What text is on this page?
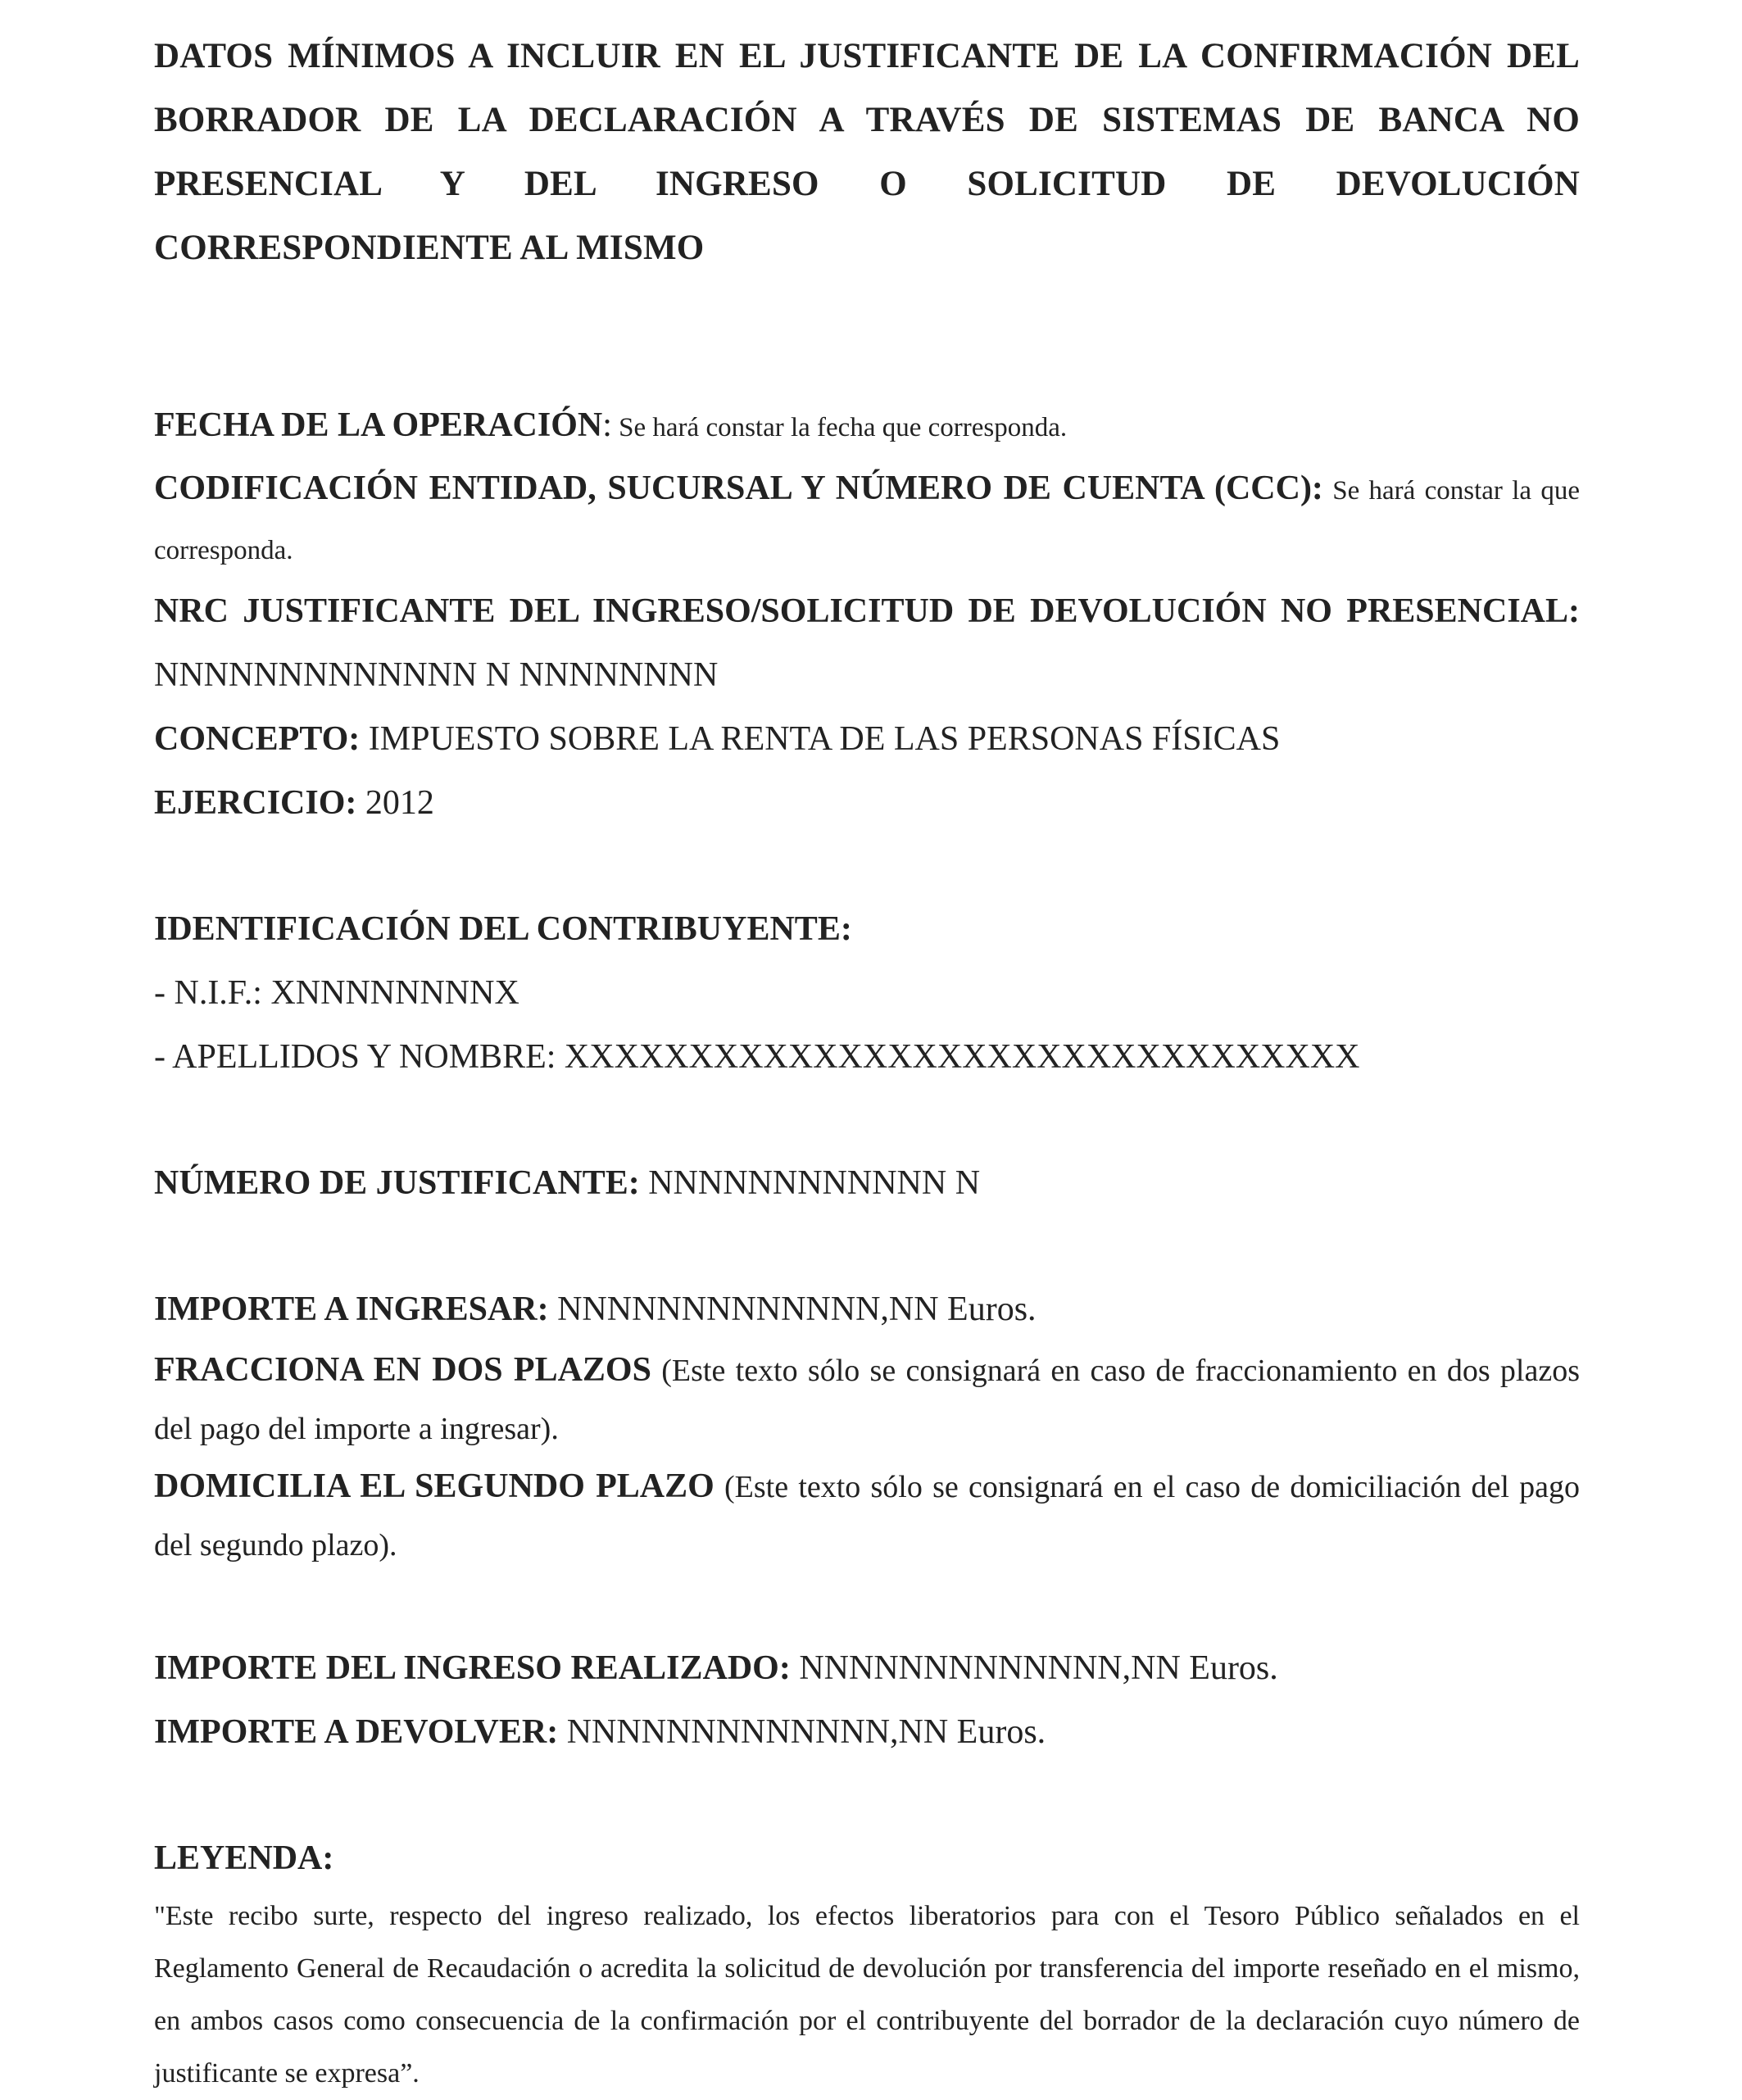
DATOS MÍNIMOS A INCLUIR EN EL JUSTIFICANTE DE LA CONFIRMACIÓN DEL BORRADOR DE LA DECLARACIÓN A TRAVÉS DE SISTEMAS DE BANCA NO PRESENCIAL Y DEL INGRESO O SOLICITUD DE DEVOLUCIÓN CORRESPONDIENTE AL MISMO

FECHA DE LA OPERACIÓN: Se hará constar la fecha que corresponda.

CODIFICACIÓN ENTIDAD, SUCURSAL Y NÚMERO DE CUENTA (CCC): Se hará constar la que corresponda.

NRC JUSTIFICANTE DEL INGRESO/SOLICITUD DE DEVOLUCIÓN NO PRESENCIAL: NNNNNNNNNNNNN N NNNNNNNN

CONCEPTO: IMPUESTO SOBRE LA RENTA DE LAS PERSONAS FÍSICAS

EJERCICIO: 2012

IDENTIFICACIÓN DEL CONTRIBUYENTE:

- N.I.F.: XNNNNNNNNX

- APELLIDOS Y NOMBRE: XXXXXXXXXXXXXXXXXXXXXXXXXXXXXXXX

NÚMERO DE JUSTIFICANTE: NNNNNNNNNNNN N

IMPORTE A INGRESAR: NNNNNNNNNNNNN,NN Euros.

FRACCIONA EN DOS PLAZOS (Este texto sólo se consignará en caso de fraccionamiento en dos plazos del pago del importe a ingresar).

DOMICILIA EL SEGUNDO PLAZO (Este texto sólo se consignará en el caso de domiciliación del pago del segundo plazo).

IMPORTE DEL INGRESO REALIZADO: NNNNNNNNNNNNN,NN Euros.

IMPORTE A DEVOLVER: NNNNNNNNNNNNN,NN Euros.

LEYENDA:

"Este recibo surte, respecto del ingreso realizado, los efectos liberatorios para con el Tesoro Público señalados en el Reglamento General de Recaudación o acredita la solicitud de devolución por transferencia del importe reseñado en el mismo, en ambos casos como consecuencia de la confirmación por el contribuyente del borrador de la declaración cuyo número de justificante se expresa”.
